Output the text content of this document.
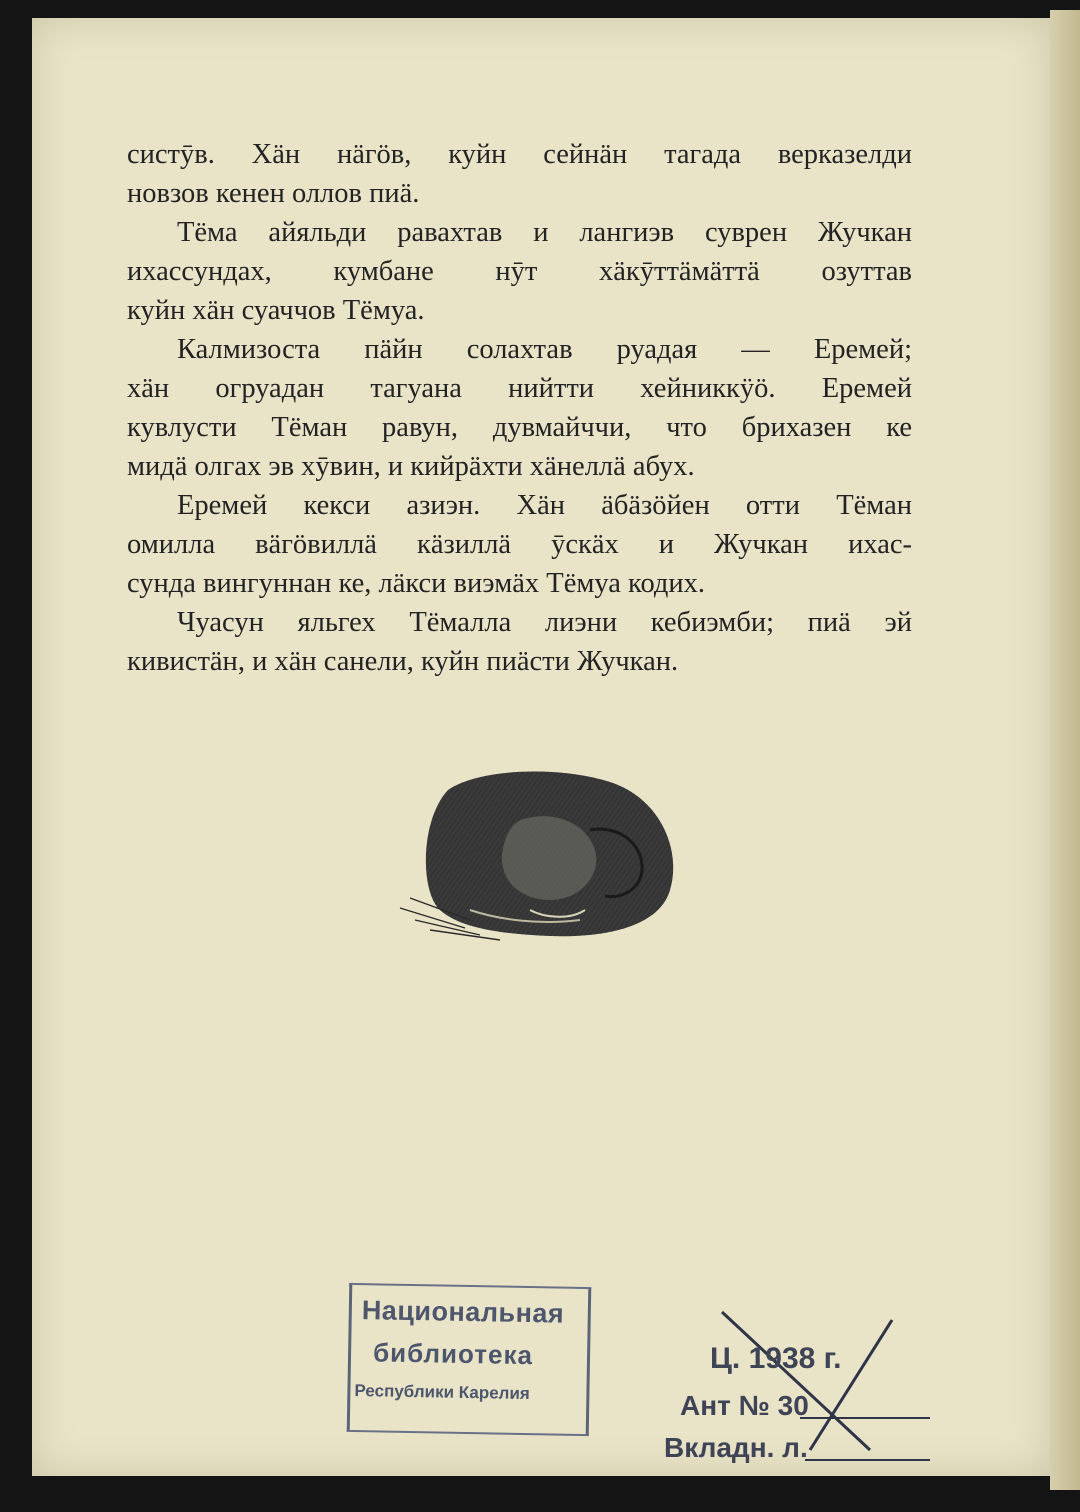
систӯв. Хӓн нӓгӧв, куйн сейнӓн тагада верказелди
новзов кенен оллов пиӓ.

Тёма айяльди равахтав и лангиэв суврен Жучкан
ихассундах, кумбане нӯт хӓкӯттӓмӓттӓ озуттав
куйн хӓн суаччов Тёмуа.

Калмизоста пӓйн солахтав руадая — Еремей;
хӓн огруадан тагуана нийтти хейниккӱӧ. Еремей
кувлусти Тёман равун, дувмайччи, что брихазен ке
мидӓ олгах эв хӯвин, и кийрӓхти хӓнеллӓ абух.

Еремей кекси азиэн. Хӓн ӓбӓзӧйен отти Тёман
омилла вӓгӧвиллӓ кӓзиллӓ ӯскӓх и Жучкан ихас-
сунда вингуннан ке, лӓкси виэмӓх Тёмуа кодих.

Чуасун яльгех Тёмалла лиэни кебиэмби; пиӓ эй
кивистӓн, и хӓн санели, куйн пиӓсти Жучкан.

Национальная
библиотека
Республики Карелия
Ц. 1938 г.
Ант № 30
Вкладн. л.
